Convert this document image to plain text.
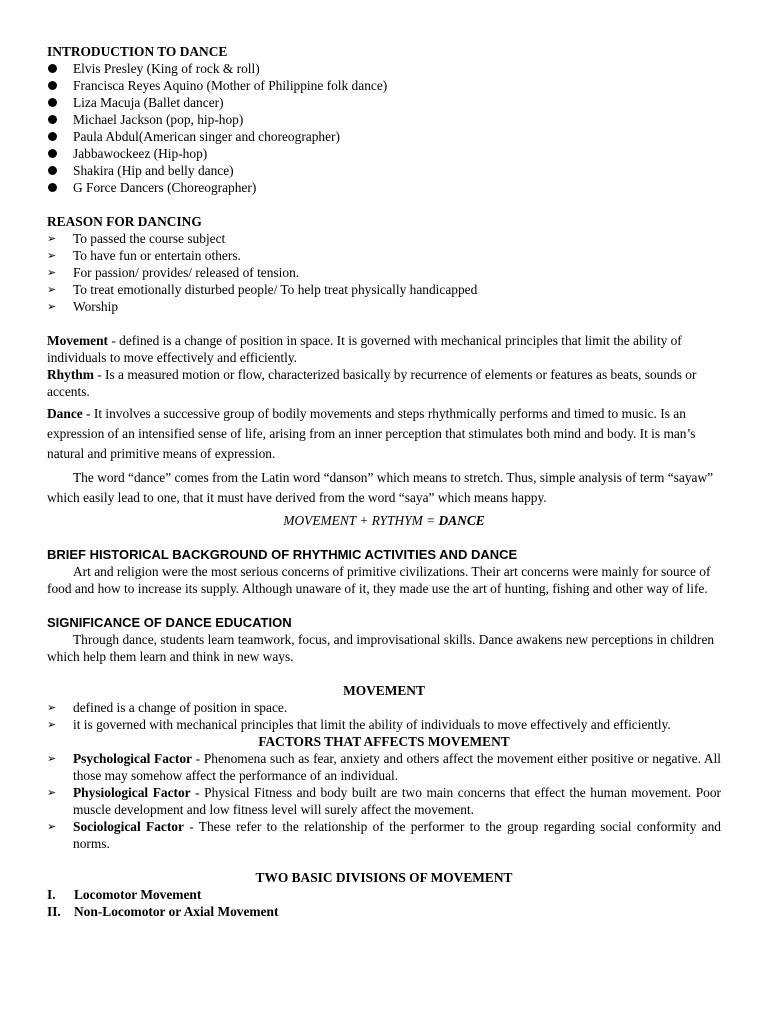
INTRODUCTION TO DANCE

Elvis Presley (King of rock & roll)
Francisca Reyes Aquino (Mother of Philippine folk dance)
Liza Macuja (Ballet dancer)
Michael Jackson (pop, hip-hop)
Paula Abdul(American singer and choreographer)
Jabbawockeez (Hip-hop)
Shakira (Hip and belly dance)
G Force Dancers (Choreographer)

REASON FOR DANCING

➢ To passed the course subject
➢ To have fun or entertain others.
➢ For passion/ provides/ released of tension.
➢ To treat emotionally disturbed people/ To help treat physically handicapped
➢ Worship

Movement - defined is a change of position in space. It is governed with mechanical principles that limit the ability of individuals to move effectively and efficiently.

Rhythm - Is a measured motion or flow, characterized basically by recurrence of elements or features as beats, sounds or accents.

Dance - It involves a successive group of bodily movements and steps rhythmically performs and timed to music. Is an expression of an intensified sense of life, arising from an inner perception that stimulates both mind and body. It is man’s natural and primitive means of expression.

The word “dance” comes from the Latin word “danson” which means to stretch. Thus, simple analysis of term “sayaw” which easily lead to one, that it must have derived from the word “saya” which means happy.

MOVEMENT + RYTHYM = DANCE

BRIEF HISTORICAL BACKGROUND OF RHYTHMIC ACTIVITIES AND DANCE

Art and religion were the most serious concerns of primitive civilizations. Their art concerns were mainly for source of food and how to increase its supply. Although unaware of it, they made use the art of hunting, fishing and other way of life.

SIGNIFICANCE OF DANCE EDUCATION

Through dance, students learn teamwork, focus, and improvisational skills. Dance awakens new perceptions in children which help them learn and think in new ways.

MOVEMENT

➢ defined is a change of position in space.
➢ it is governed with mechanical principles that limit the ability of individuals to move effectively and efficiently.

FACTORS THAT AFFECTS MOVEMENT

➢ Psychological Factor - Phenomena such as fear, anxiety and others affect the movement either positive or negative. All those may somehow affect the performance of an individual.
➢ Physiological Factor - Physical Fitness and body built are two main concerns that effect the human movement. Poor muscle development and low fitness level will surely affect the movement.
➢ Sociological Factor - These refer to the relationship of the performer to the group regarding social conformity and norms.

TWO BASIC DIVISIONS OF MOVEMENT

I. Locomotor Movement
II. Non-Locomotor or Axial Movement
